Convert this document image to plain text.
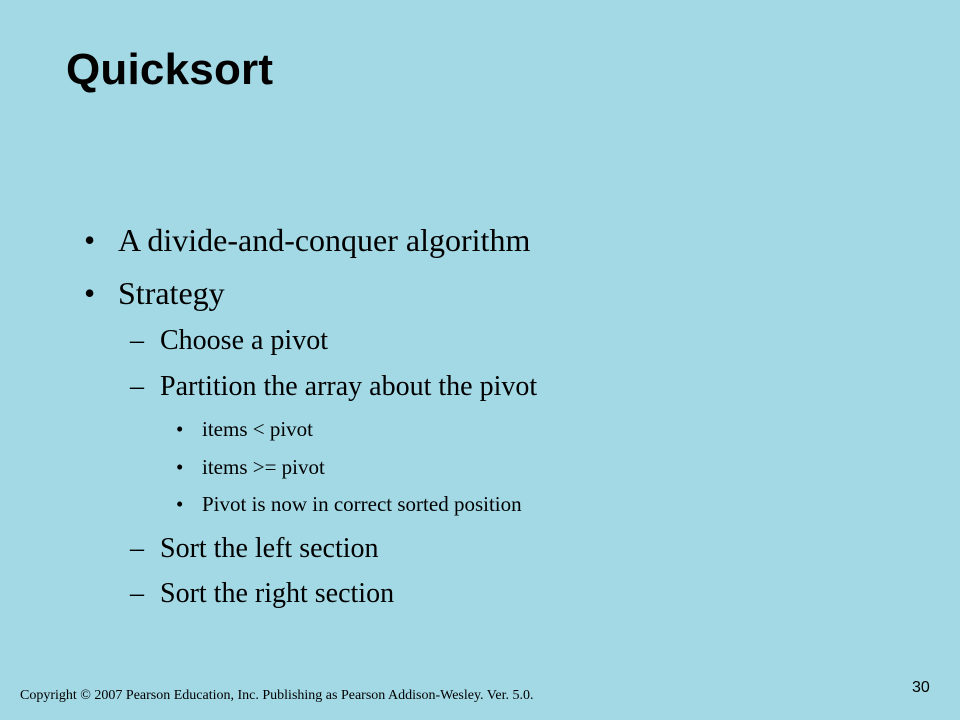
Quicksort
• A divide-and-conquer algorithm
• Strategy
– Choose a pivot
– Partition the array about the pivot
• items < pivot
• items >= pivot
• Pivot is now in correct sorted position
– Sort the left section
– Sort the right section
Copyright © 2007 Pearson Education, Inc. Publishing as Pearson Addison-Wesley. Ver. 5.0.	30
